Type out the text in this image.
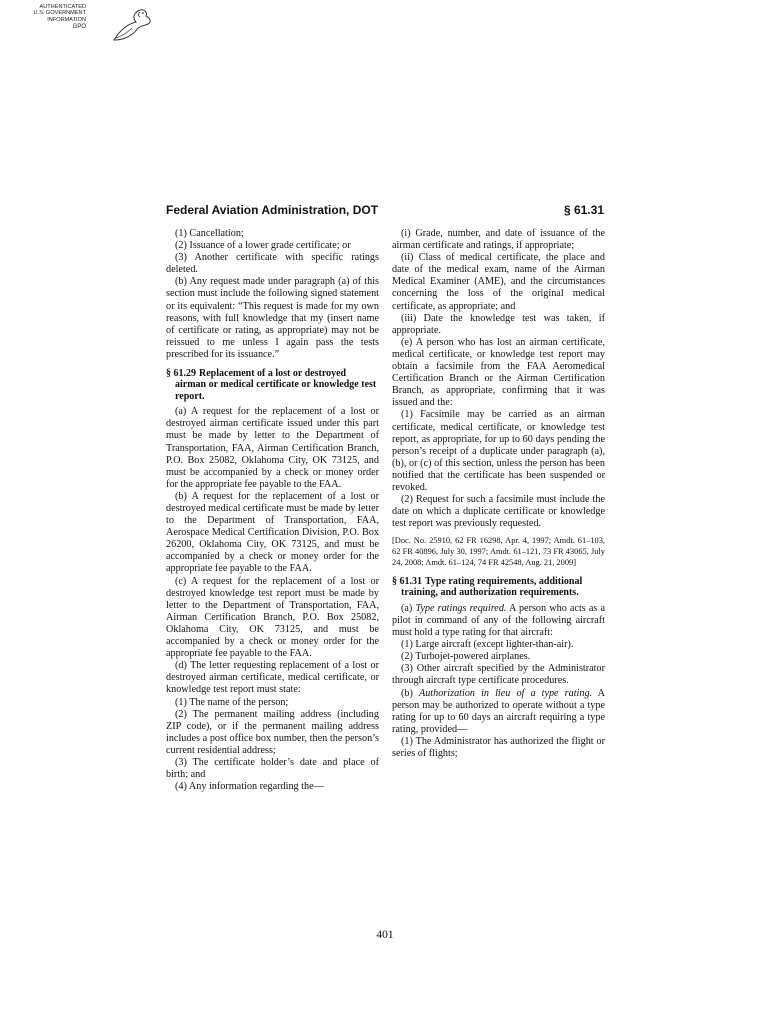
AUTHENTICATED
U.S. GOVERNMENT
INFORMATION
GPO
Federal Aviation Administration, DOT	§ 61.31

(1) Cancellation;

(2) Issuance of a lower grade certificate; or

(3) Another certificate with specific ratings deleted.

(b) Any request made under paragraph (a) of this section must include the following signed statement or its equivalent: “This request is made for my own reasons, with full knowledge that my (insert name of certificate or rating, as appropriate) may not be reissued to me unless I again pass the tests prescribed for its issuance.”

§ 61.29 Replacement of a lost or destroyed airman or medical certificate or knowledge test report.

(a) A request for the replacement of a lost or destroyed airman certificate issued under this part must be made by letter to the Department of Transportation, FAA, Airman Certification Branch, P.O. Box 25082, Oklahoma City, OK 73125, and must be accompanied by a check or money order for the appropriate fee payable to the FAA.

(b) A request for the replacement of a lost or destroyed medical certificate must be made by letter to the Department of Transportation, FAA, Aerospace Medical Certification Division, P.O. Box 26200, Oklahoma City, OK 73125, and must be accompanied by a check or money order for the appropriate fee payable to the FAA.

(c) A request for the replacement of a lost or destroyed knowledge test report must be made by letter to the Department of Transportation, FAA, Airman Certification Branch, P.O. Box 25082, Oklahoma City, OK 73125, and must be accompanied by a check or money order for the appropriate fee payable to the FAA.

(d) The letter requesting replacement of a lost or destroyed airman certificate, medical certificate, or knowledge test report must state:

(1) The name of the person;

(2) The permanent mailing address (including ZIP code), or if the permanent mailing address includes a post office box number, then the person’s current residential address;

(3) The certificate holder’s date and place of birth; and

(4) Any information regarding the—

(i) Grade, number, and date of issuance of the airman certificate and ratings, if appropriate;

(ii) Class of medical certificate, the place and date of the medical exam, name of the Airman Medical Examiner (AME), and the circumstances concerning the loss of the original medical certificate, as appropriate; and

(iii) Date the knowledge test was taken, if appropriate.

(e) A person who has lost an airman certificate, medical certificate, or knowledge test report may obtain a facsimile from the FAA Aeromedical Certification Branch or the Airman Certification Branch, as appropriate, confirming that it was issued and the:

(1) Facsimile may be carried as an airman certificate, medical certificate, or knowledge test report, as appropriate, for up to 60 days pending the person’s receipt of a duplicate under paragraph (a), (b), or (c) of this section, unless the person has been notified that the certificate has been suspended or revoked.

(2) Request for such a facsimile must include the date on which a duplicate certificate or knowledge test report was previously requested.

[Doc. No. 25910, 62 FR 16298, Apr. 4, 1997; Amdt. 61–103, 62 FR 40896, July 30, 1997; Amdt. 61–121, 73 FR 43065, July 24, 2008; Amdt. 61–124, 74 FR 42548, Aug. 21, 2009]

§ 61.31 Type rating requirements, additional training, and authorization requirements.

(a) Type ratings required. A person who acts as a pilot in command of any of the following aircraft must hold a type rating for that aircraft:

(1) Large aircraft (except lighter-than-air).

(2) Turbojet-powered airplanes.

(3) Other aircraft specified by the Administrator through aircraft type certificate procedures.

(b) Authorization in lieu of a type rating. A person may be authorized to operate without a type rating for up to 60 days an aircraft requiring a type rating, provided—

(1) The Administrator has authorized the flight or series of flights;

401
